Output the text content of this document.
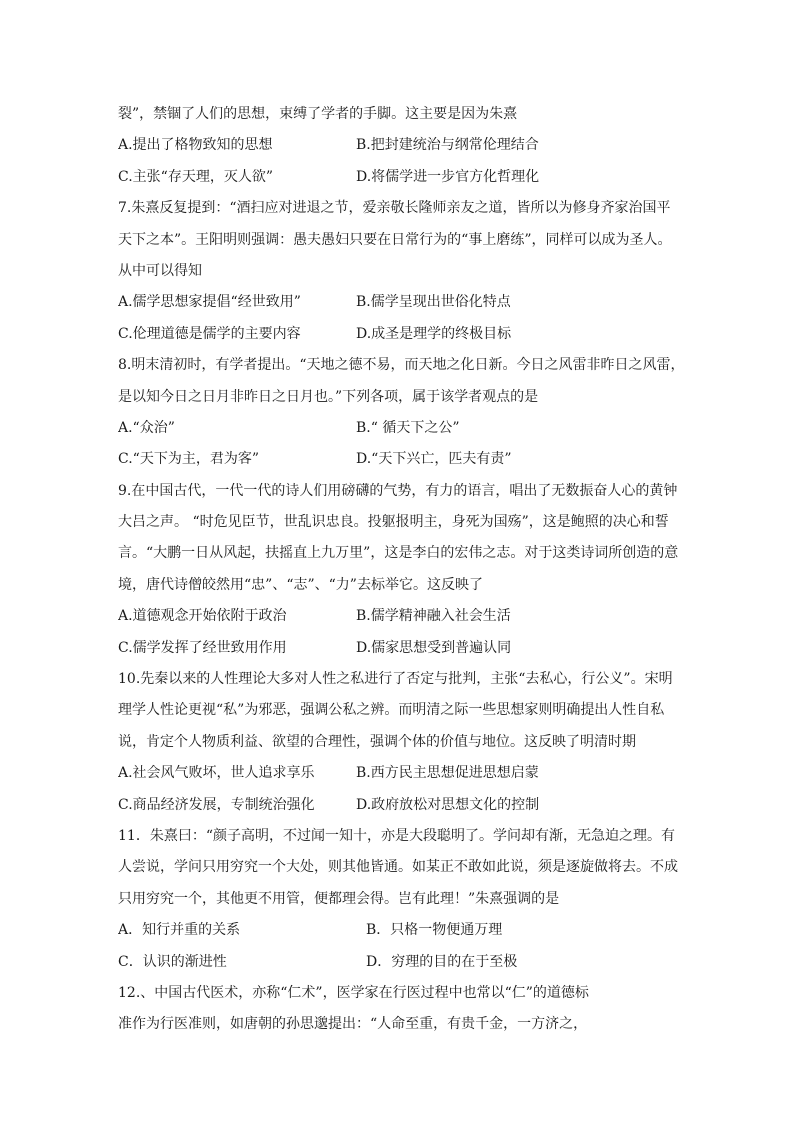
裂”，禁锢了人们的思想，束缚了学者的手脚。这主要是因为朱熹
A.提出了格物致知的思想	B.把封建统治与纲常伦理结合
C.主张“存天理，灭人欲”	D.将儒学进一步官方化哲理化
7.朱熹反复提到：“酒扫应对进退之节，爱亲敬长隆师亲友之道，皆所以为修身齐家治国平
天下之本”。王阳明则强调：愚夫愚妇只要在日常行为的“事上磨练”，同样可以成为圣人。
从中可以得知
A.儒学思想家提倡“经世致用”	B.儒学呈现出世俗化特点
C.伦理道德是儒学的主要内容	D.成圣是理学的终极目标
8.明末清初时，有学者提出。“天地之德不易，而天地之化日新。今日之风雷非昨日之风雷，
是以知今日之日月非昨日之日月也。”下列各项，属于该学者观点的是
A.“众治”	B.“ 循天下之公”
C.“天下为主，君为客”	D.“天下兴亡，匹夫有责”
9.在中国古代，一代一代的诗人们用磅礴的气势，有力的语言，唱出了无数振奋人心的黄钟
大吕之声。 “时危见臣节，世乱识忠良。投躯报明主，身死为国殇”，这是鲍照的决心和誓
言。“大鹏一日从风起，扶摇直上九万里”，这是李白的宏伟之志。对于这类诗词所创造的意
境，唐代诗僧皎然用“忠”、“志”、“力”去标举它。这反映了
A.道德观念开始依附于政治	B.儒学精神融入社会生活
C.儒学发挥了经世致用作用	D.儒家思想受到普遍认同
10.先秦以来的人性理论大多对人性之私进行了否定与批判，主张“去私心，行公义”。宋明
理学人性论更视“私”为邪恶，强调公私之辨。而明清之际一些思想家则明确提出人性自私
说，肯定个人物质利益、欲望的合理性，强调个体的价值与地位。这反映了明清时期
A.社会风气败坏，世人追求享乐	B.西方民主思想促进思想启蒙
C.商品经济发展，专制统治强化	D.政府放松对思想文化的控制
11．朱熹曰：“颜子高明，不过闻一知十，亦是大段聪明了。学问却有渐，无急迫之理。有
人尝说，学问只用穷究一个大处，则其他皆通。如某正不敢如此说，须是逐旋做将去。不成
只用穷究一个，其他更不用管，便都理会得。岂有此理！”朱熹强调的是
A．知行并重的关系	B．只格一物便通万理
C．认识的渐进性	D．穷理的目的在于至极
12.、中国古代医术，亦称“仁术”，医学家在行医过程中也常以“仁”的道德标
准作为行医准则，如唐朝的孙思邈提出：“人命至重，有贵千金，一方济之，
